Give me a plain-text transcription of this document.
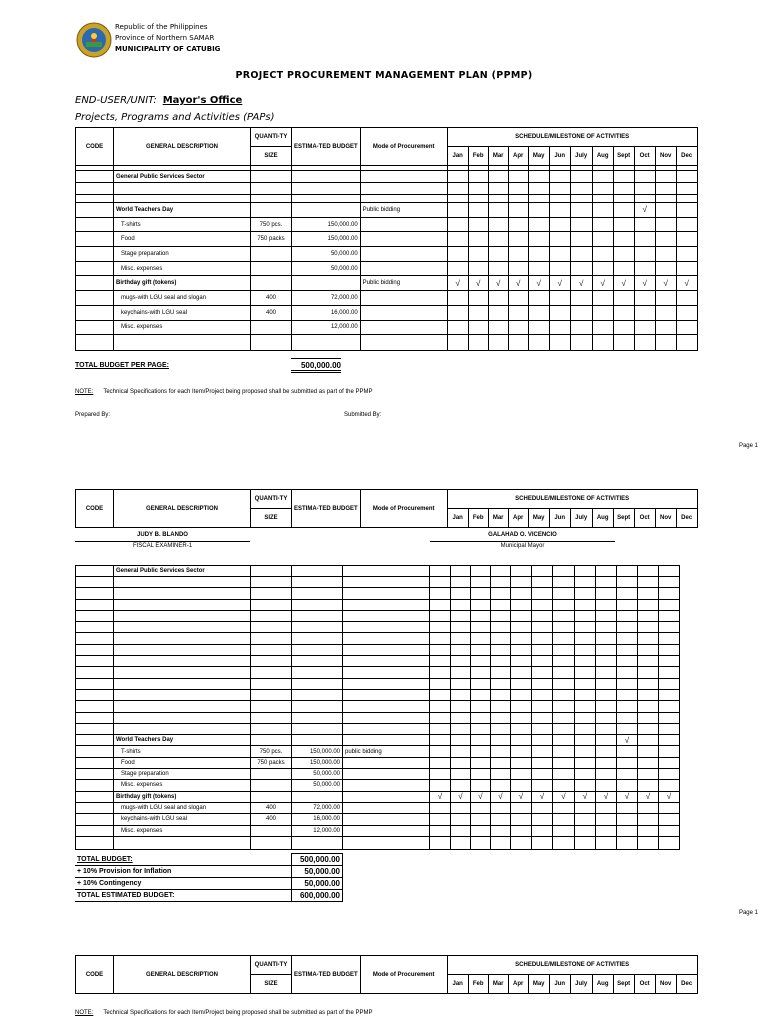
Republic of the Philippines
Province of Northern SAMAR
MUNICIPALITY OF CATUBIG
PROJECT PROCUREMENT MANAGEMENT PLAN (PPMP)
END-USER/UNIT: Mayor's Office
Projects, Programs and Activities (PAPs)
CODE	GENERAL DESCRIPTION	QUANTI-TY	ESTIMA-TED BUDGET	Mode of Procurement	SCHEDULE/MILESTONE OF ACTIVITIES											
		SIZE			Jan	Feb	Mar	Apr	May	Jun	July	Aug	Sept	Oct	Nov	Dec

	General Public Services Sector															

	World Teachers Day			Public bidding										√		
	T-shirts	750 pcs.	150,000.00													
	Food	750 packs	150,000.00													
	Stage preparation		50,000.00													
	Misc. expenses		50,000.00													
	Birthday gift (tokens)			Public bidding	√	√	√	√	√	√	√	√	√	√	√	√
	mugs-with LGU seal and slogan	400	72,000.00													
	keychains-with LGU seal	400	16,000.00													
	Misc. expenses		12,000.00													

TOTAL BUDGET PER PAGE:	500,000.00
NOTE: Technical Specifications for each Item/Project being proposed shall be submitted as part of the PPMP
Prepared By:	Submitted By:
Page 1
CODE	GENERAL DESCRIPTION	QUANTI-TY	ESTIMA-TED BUDGET	Mode of Procurement	SCHEDULE/MILESTONE OF ACTIVITIES											
		SIZE			Jan	Feb	Mar	Apr	May	Jun	July	Aug	Sept	Oct	Nov	Dec
JUDY B. BLANDO
FISCAL EXAMINER-1
GALAHAD O. VICENCIO
Municipal Mayor
	General Public Services Sector															

	World Teachers Day													√		
	T-shirts	750 pcs.	150,000.00	public bidding												
	Food	750 packs	150,000.00													
	Stage preparation		50,000.00													
	Misc. expenses		50,000.00													
	Birthday gift (tokens)				√	√	√	√	√	√	√	√	√	√	√	√
	mugs-with LGU seal and slogan	400	72,000.00													
	keychains-with LGU seal	400	16,000.00													
	Misc. expenses		12,000.00													

TOTAL BUDGET:	500,000.00
+ 10% Provision for Inflation	50,000.00
+ 10% Contingency	50,000.00
TOTAL ESTIMATED BUDGET:	600,000.00
Page 1
CODE	GENERAL DESCRIPTION	QUANTI-TY	ESTIMA-TED BUDGET	Mode of Procurement	SCHEDULE/MILESTONE OF ACTIVITIES											
		SIZE			Jan	Feb	Mar	Apr	May	Jun	July	Aug	Sept	Oct	Nov	Dec
NOTE: Technical Specifications for each Item/Project being proposed shall be submitted as part of the PPMP
